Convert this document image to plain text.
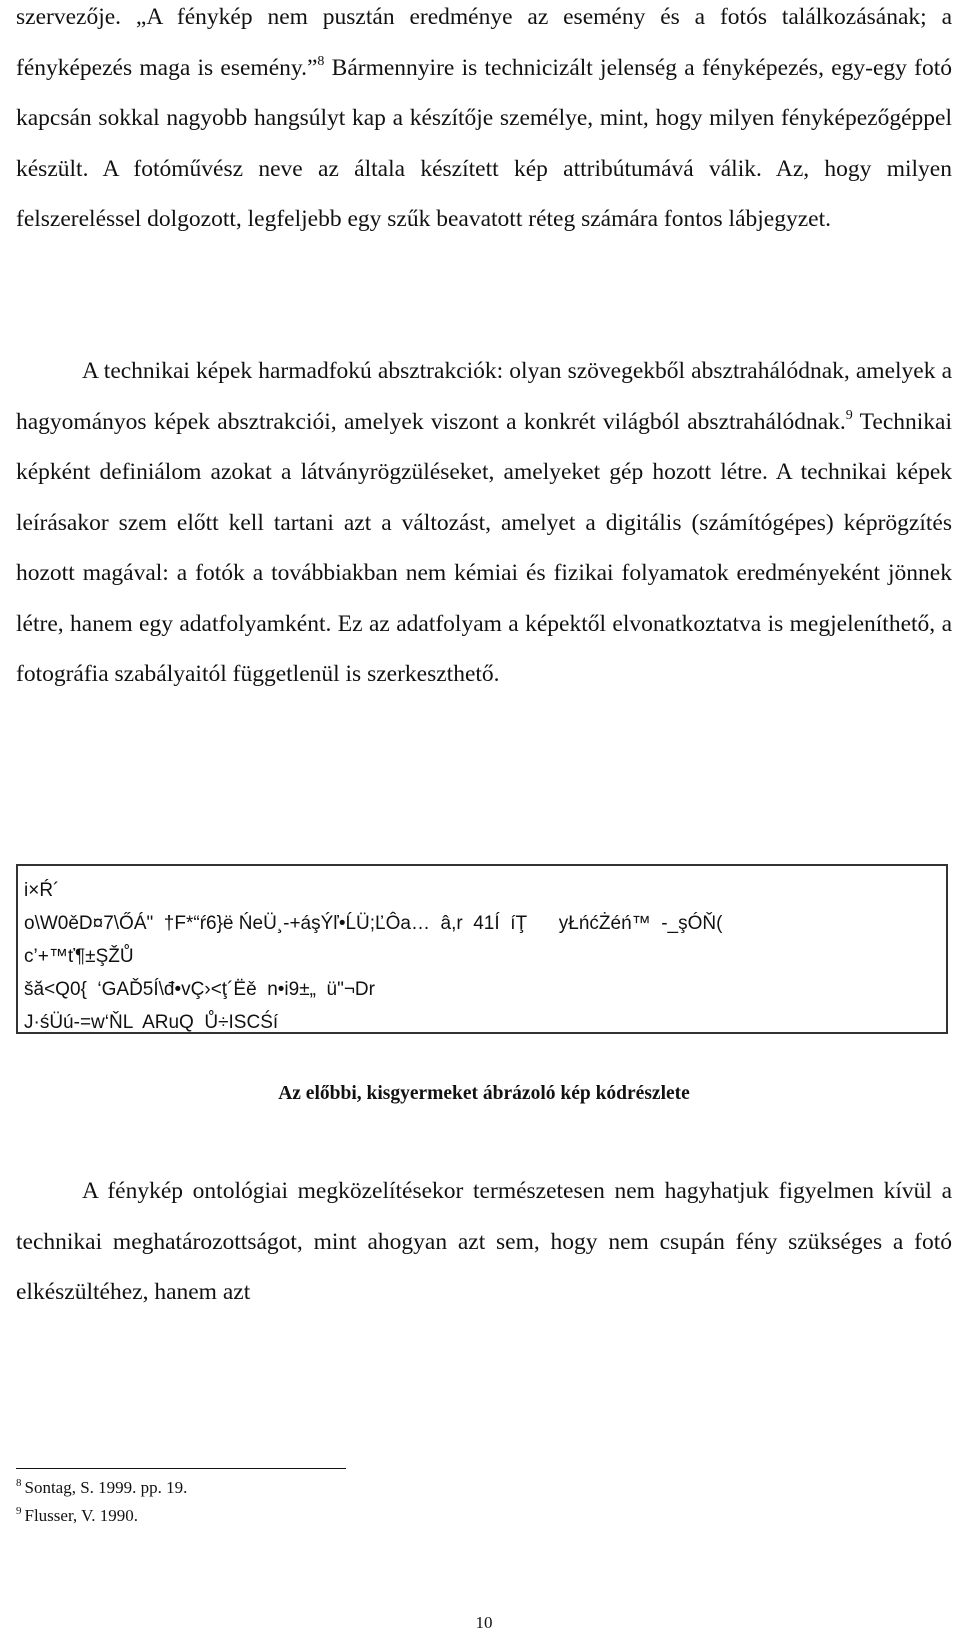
szervezője. „A fénykép nem pusztán eredménye az esemény és a fotós találkozásának; a fényképezés maga is esemény.”$^8$ Bármennyire is technicizált jelenség a fényképezés, egy-egy fotó kapcsán sokkal nagyobb hangsúlyt kap a készítője személye, mint, hogy milyen fényképezőgéppel készült. A fotóművész neve az általa készített kép attribútumává válik. Az, hogy milyen felszereléssel dolgozott, legfeljebb egy szűk beavatott réteg számára fontos lábjegyzet.

A technikai képek harmadfokú absztrakciók: olyan szövegekből absztrahálódnak, amelyek a hagyományos képek absztrakciói, amelyek viszont a konkrét világból absztrahálódnak.$^9$ Technikai képként definiálom azokat a látványrögzüléseket, amelyeket gép hozott létre. A technikai képek leírásakor szem előtt kell tartani azt a változást, amelyet a digitális (számítógépes) képrögzítés hozott magával: a fotók a továbbiakban nem kémiai és fizikai folyamatok eredményeként jönnek létre, hanem egy adatfolyamként. Ez az adatfolyam a képektől elvonatkoztatva is megjeleníthető, a fotográfia szabályaitól függetlenül is szerkeszthető.

i×Ŕ´
o\W0ěD¤7\ŐÁ"  †F*“ŕ6}ë ŃeÜ¸-+áşÝľ•ĹÜ;ĽÔa…  â,r  41Í  íŢ      yŁńćŻéń™  -_şÓŇ(
c’+™ť¶±ŞŽŮ
šă<Q0{  ‘GAĎ5Í\đ•vÇ›<ţ´Ëě  n•i9±„  ü"¬Dr
J·śÜú-=w‘ŇL  ARuQ  Ů÷ISCŚí

Az előbbi, kisgyermeket ábrázoló kép kódrészlete

A fénykép ontológiai megközelítésekor természetesen nem hagyhatjuk figyelmen kívül a technikai meghatározottságot, mint ahogyan azt sem, hogy nem csupán fény szükséges a fotó elkészültéhez, hanem azt

$^8$ Sontag, S. 1999. pp. 19.
$^9$ Flusser, V. 1990.

10
